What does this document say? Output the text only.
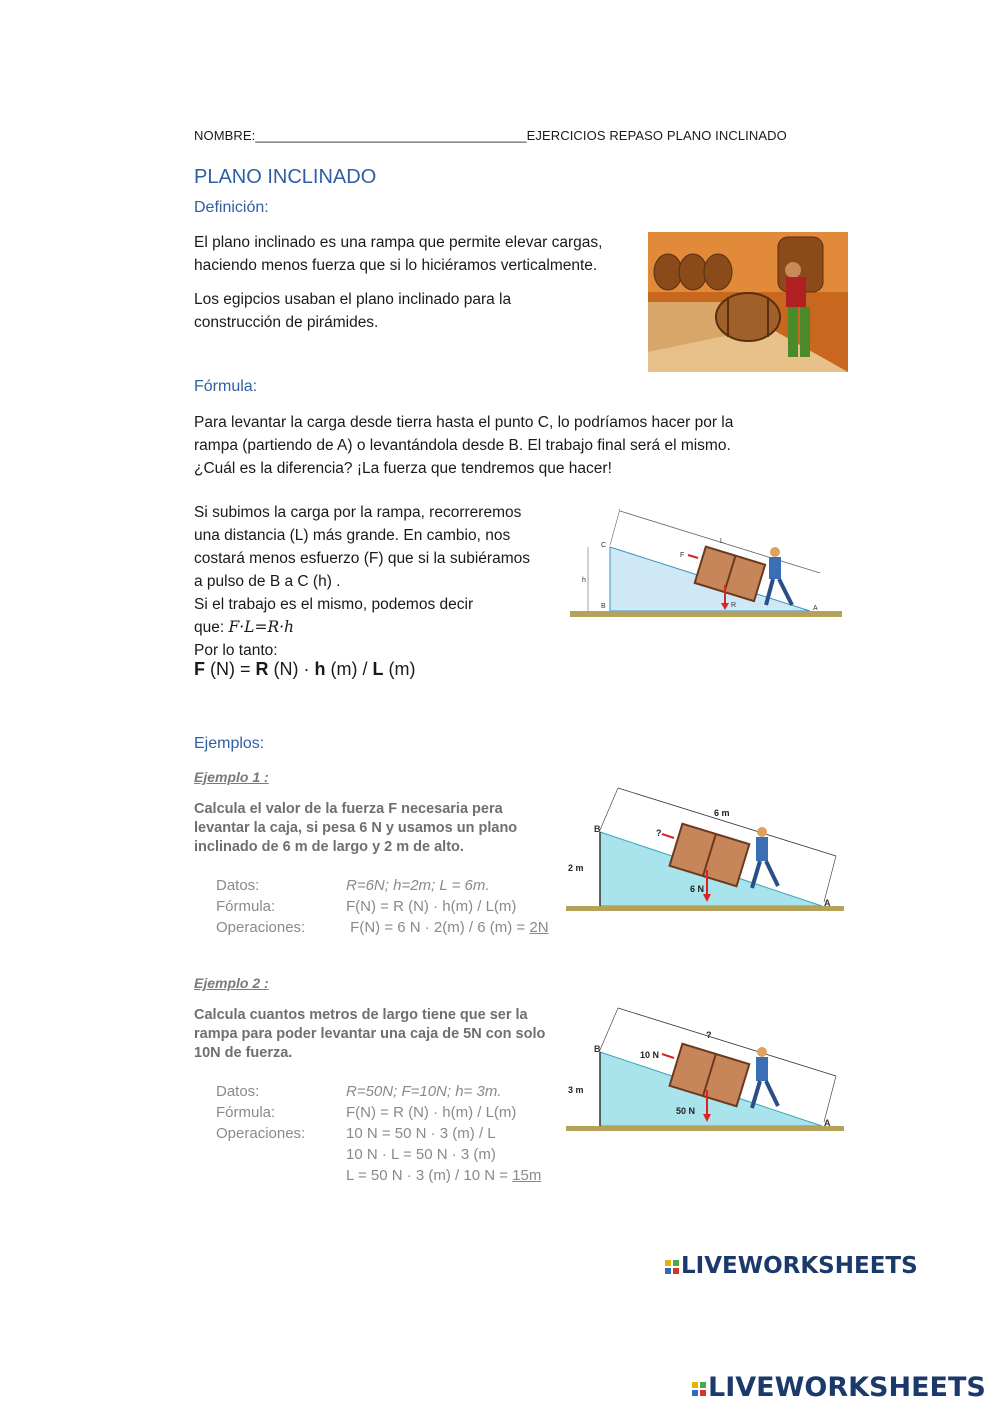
NOMBRE:_____________________________________EJERCICIOS REPASO PLANO INCLINADO
PLANO INCLINADO
Definición:
El plano inclinado es una rampa que permite elevar cargas,
haciendo menos fuerza que si lo hiciéramos verticalmente.
Los egipcios usaban el plano inclinado para la
construcción de pirámides.
Fórmula:
Para levantar la carga desde tierra hasta el punto C, lo podríamos hacer por la
rampa (partiendo de A) o levantándola desde B. El trabajo final será el mismo.
¿Cuál es la diferencia? ¡La fuerza que tendremos que hacer!
Si subimos la carga por la rampa, recorreremos
una distancia (L) más grande. En cambio, nos
costará menos esfuerzo (F) que si la subiéramos
a pulso de B a C (h) .
Si el trabajo es el mismo, podemos decir
que: F·L=R·h
Por lo tanto:
F (N) = R (N) · h (m) / L (m)
C
B	A
h
L
F
R
Ejemplos:
Ejemplo 1 :
Calcula el valor de la fuerza F necesaria pera
levantar la caja, si pesa 6 N y usamos un plano
inclinado de 6 m de largo y 2 m de alto.
Datos:	R=6N; h=2m; L = 6m.
Fórmula:	F(N) = R (N) · h(m) / L(m)
Operaciones:	F(N) = 6 N · 2(m) / 6 (m) = 2N
B
A
6 m
2 m
?
6 N
Ejemplo 2 :
Calcula cuantos metros de largo tiene que ser la
rampa para poder levantar una caja de 5N con solo
10N de fuerza.
Datos:	R=50N; F=10N; h= 3m.
Fórmula:	F(N) = R (N) · h(m) / L(m)
Operaciones:	10 N = 50 N · 3 (m) / L
10 N · L = 50 N · 3 (m)
L = 50 N · 3 (m) / 10 N = 15m
B
A
?
3 m
10 N
50 N
LIVEWORKSHEETS
LIVEWORKSHEETS
